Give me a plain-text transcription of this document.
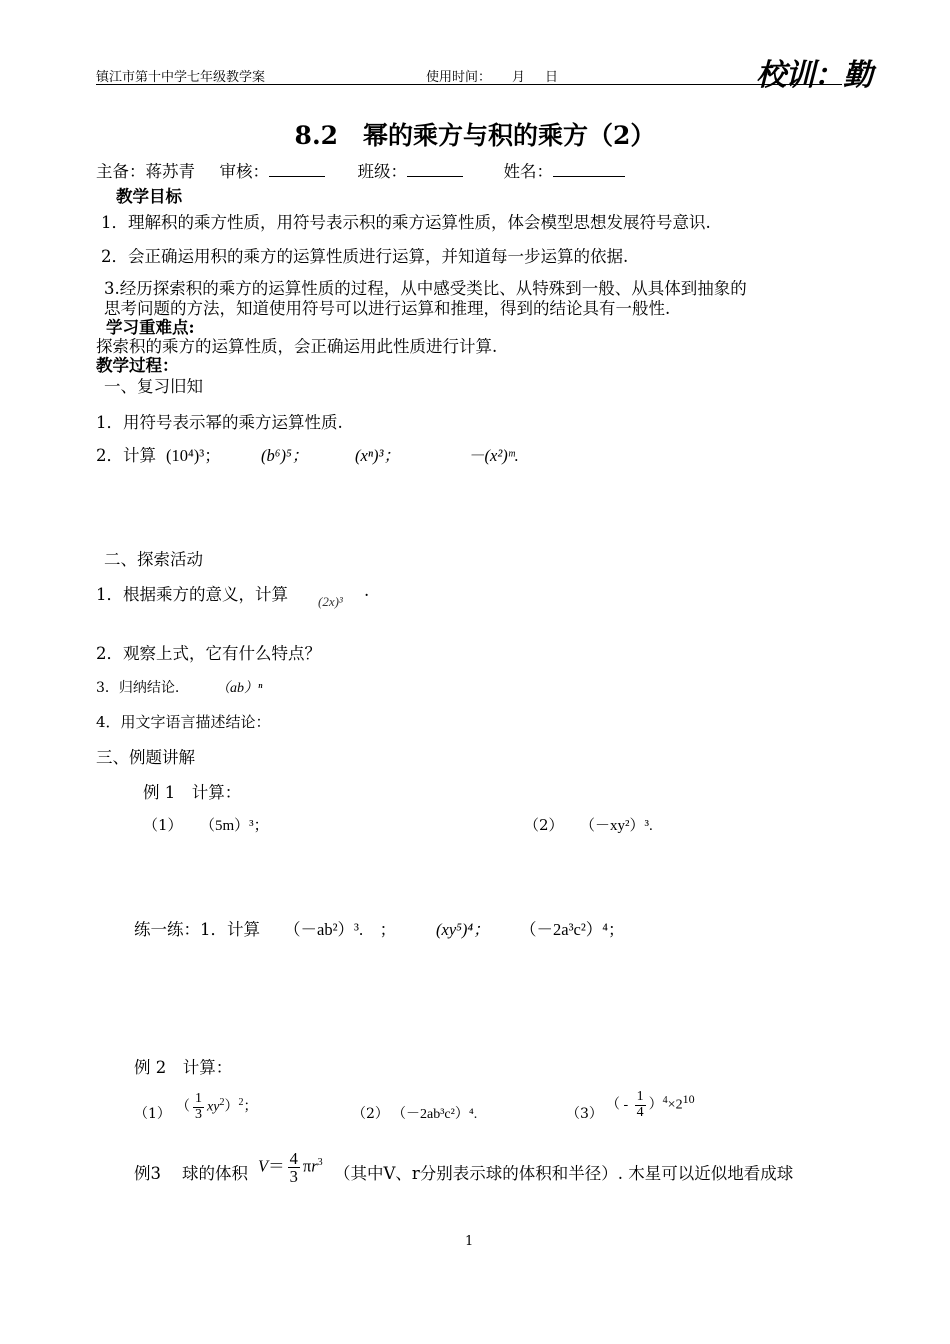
镇江市第十中学七年级教学案	使用时间： 月 日	校训：勤
8.2　幂的乘方与积的乘方（2）
主备：蒋苏青 审核：	班级：	姓名：
教学目标
1．理解积的乘方性质，用符号表示积的乘方运算性质，体会模型思想发展符号意识.
2．会正确运用积的乘方的运算性质进行运算，并知道每一步运算的依据.
3.经历探索积的乘方的运算性质的过程，从中感受类比、从特殊到一般、从具体到抽象的
思考问题的方法，知道使用符号可以进行运算和推理，得到的结论具有一般性.
学习重难点:
探索积的乘方的运算性质，会正确运用此性质进行计算.
教学过程：
一、复习旧知
1．用符号表示幂的乘方运算性质.
2．计算 (10⁴)³； (b⁶)⁵；	(xⁿ)³；	－(x²)ᵐ.
二、探索活动
1．根据乘方的意义，计算 (2x)³
.
2．观察上式，它有什么特点？
3．归纳结论.	（ab）ⁿ
4．用文字语言描述结论：
三、例题讲解
例 1　计算：
（1） （5m）³；	（2） （－xy²）³.
练一练：1．计算 （－ab²）³.　； (xy⁵)⁴； （－2a³c²）⁴；
例 2　计算：
（1） （ $\frac{1}{3} xy^2)^2$；	（2） （－2ab³c²）⁴.	（3）
（ - $\frac{1}{4} )^4\times 2^{10}$
例3 球的体积 $V= \frac{4}{3} \pi r^3$
（其中V、r分别表示球的体积和半径）. 木星可以近似地看成球
1
